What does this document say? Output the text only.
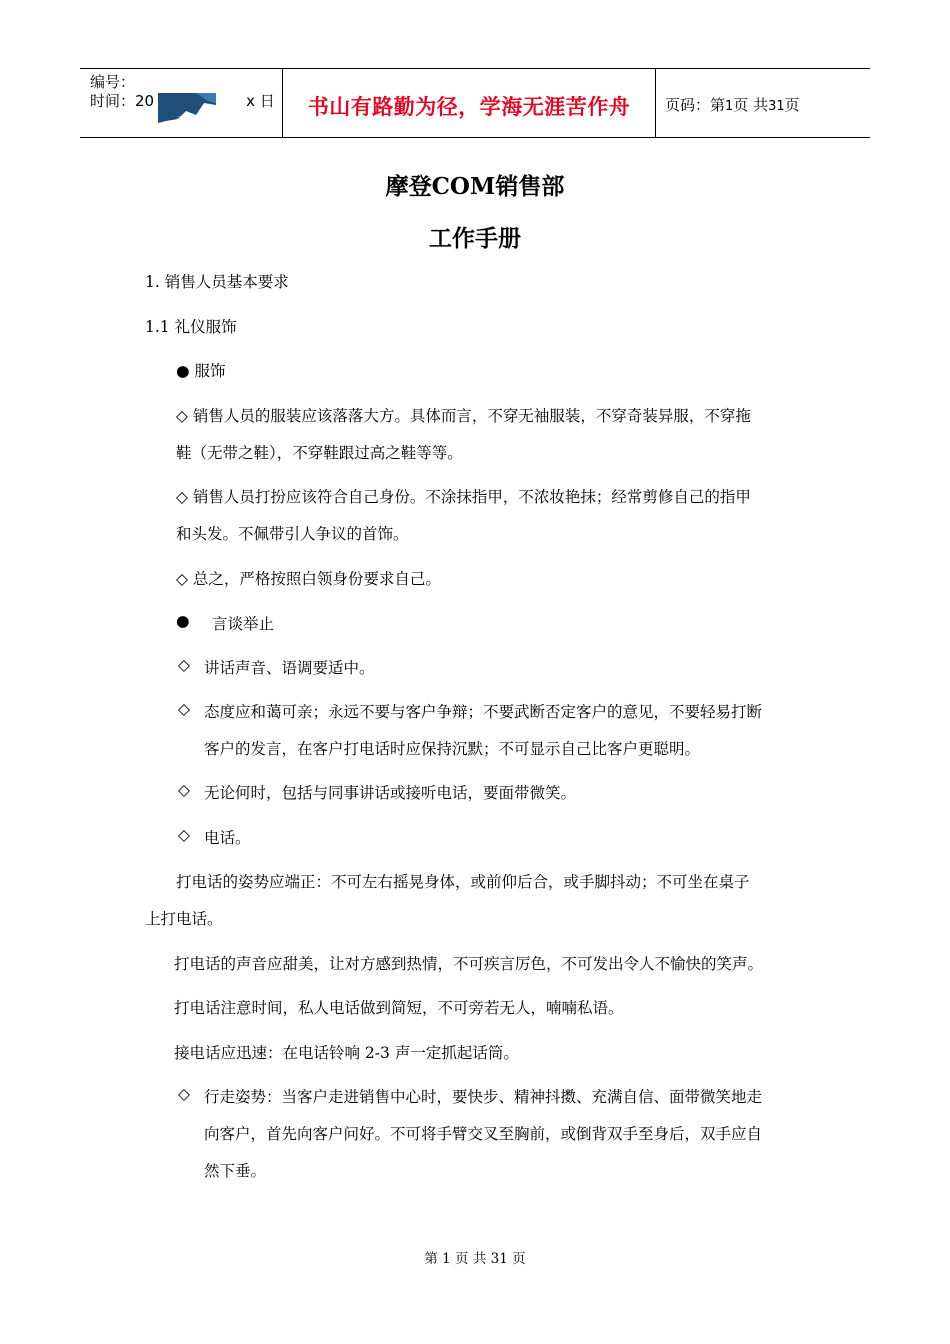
编号：
时间：20	x 日
武城 · 御景天
书山有路勤为径，学海无涯苦作舟	页码：第1页 共31页
摩登COM销售部
工作手册
1. 销售人员基本要求
1.1 礼仪服饰
● 服饰
◇ 销售人员的服装应该落落大方。具体而言，不穿无袖服装，不穿奇装异服，不穿拖
鞋（无带之鞋），不穿鞋跟过高之鞋等等。
◇ 销售人员打扮应该符合自己身份。不涂抹指甲，不浓妆艳抹；经常剪修自己的指甲
和头发。不佩带引人争议的首饰。
◇ 总之，严格按照白领身份要求自己。
● 言谈举止
◇ 讲话声音、语调要适中。
◇ 态度应和蔼可亲；永远不要与客户争辩；不要武断否定客户的意见，不要轻易打断
客户的发言，在客户打电话时应保持沉默；不可显示自己比客户更聪明。
◇ 无论何时，包括与同事讲话或接听电话，要面带微笑。
◇ 电话。
打电话的姿势应端正：不可左右摇晃身体，或前仰后合，或手脚抖动；不可坐在桌子
上打电话。
打电话的声音应甜美，让对方感到热情，不可疾言厉色，不可发出令人不愉快的笑声。
打电话注意时间，私人电话做到简短，不可旁若无人，喃喃私语。
接电话应迅速：在电话铃响 2-3 声一定抓起话筒。
◇ 行走姿势：当客户走进销售中心时，要快步、精神抖擞、充满自信、面带微笑地走
向客户，首先向客户问好。不可将手臂交叉至胸前，或倒背双手至身后，双手应自
然下垂。
第 1 页 共 31 页
